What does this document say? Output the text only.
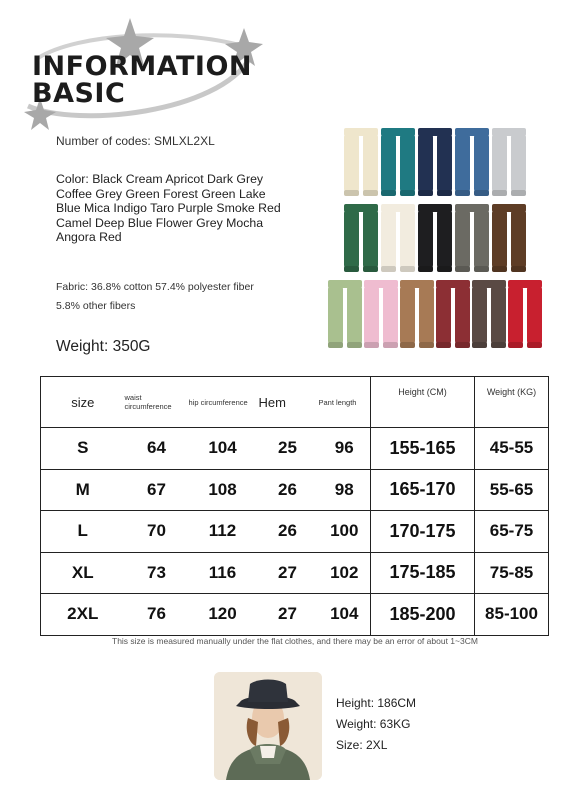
INFORMATION
BASIC
Number of codes: SMLXL2XL
Color: Black Cream Apricot Dark Grey Coffee Grey Green Forest Green Lake Blue Mica Indigo Taro Purple Smoke Red Camel Deep Blue Flower Grey Mocha Angora Red
Fabric: 36.8% cotton 57.4% polyester fiber 5.8% other fibers
Weight: 350G
size	waist circumference	hip circumference	Hem	Pant length	Height (CM)	Weight (KG)
S	64	104	25	96	155-165	45-55
M	67	108	26	98	165-170	55-65
L	70	112	26	100	170-175	65-75
XL	73	116	27	102	175-185	75-85
2XL	76	120	27	104	185-200	85-100
This size is measured manually under the flat clothes, and there may be an error of about 1~3CM
Height: 186CM
Weight: 63KG
Size: 2XL
